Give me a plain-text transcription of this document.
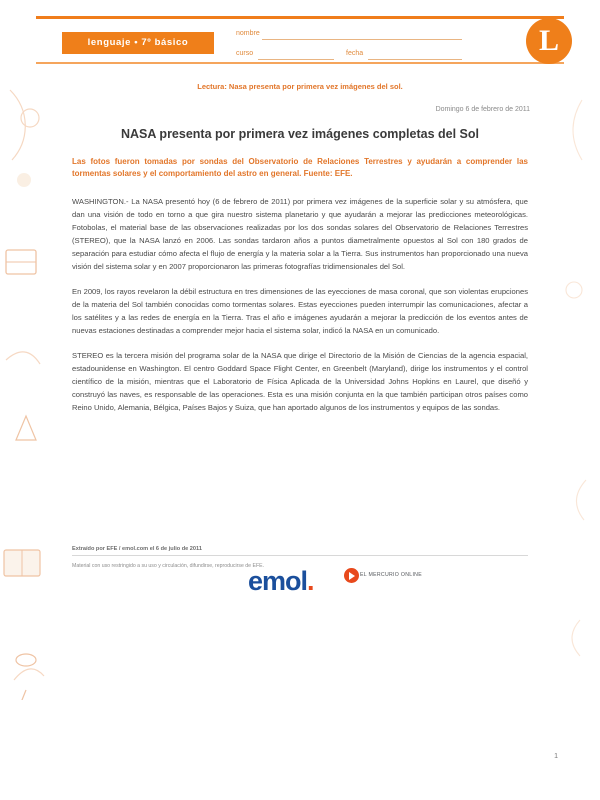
lenguaje • 7º básico
nombre
curso	fecha	L
Lectura: Nasa presenta por primera vez imágenes del sol.
Domingo 6 de febrero de 2011
NASA presenta por primera vez imágenes completas del Sol
Las fotos fueron tomadas por sondas del Observatorio de Relaciones Terrestres y ayudarán a comprender las tormentas solares y el comportamiento del astro en general. Fuente: EFE.
WASHINGTON.- La NASA presentó hoy (6 de febrero de 2011) por primera vez imágenes de la superficie solar y su atmósfera, que dan una visión de todo en torno a que gira nuestro sistema planetario y que ayudarán a mejorar las predicciones meteorológicas. Fotobolas, el material base de las observaciones realizadas por los dos sondas solares del Observatorio de Relaciones Terrestres (STEREO), que la NASA lanzó en 2006. Las sondas tardaron años a puntos diametralmente opuestos al Sol con 180 grados de separación para estudiar cómo afecta el flujo de energía y la materia solar a la Tierra. Sus instrumentos han proporcionado una nueva visión del sistema solar y en 2007 proporcionaron las primeras fotografías tridimensionales del Sol.
En 2009, los rayos revelaron la débil estructura en tres dimensiones de las eyecciones de masa coronal, que son violentas erupciones de la materia del Sol también conocidas como tormentas solares. Estas eyecciones pueden interrumpir las comunicaciones, afectar a los satélites y a las redes de energía en la Tierra. Tras el año e imágenes ayudarán a mejorar la predicción de los eventos antes de nuevas estaciones destinadas a comprender mejor hacia el sistema solar, indicó la NASA en un comunicado.
STEREO es la tercera misión del programa solar de la NASA que dirige el Directorio de la Misión de Ciencias de la agencia espacial, estadounidense en Washington. El centro Goddard Space Flight Center, en Greenbelt (Maryland), dirige los instrumentos y el control científico de la misión, mientras que el Laboratorio de Física Aplicada de la Universidad Johns Hopkins en Laurel, que diseñó y construyó las naves, es responsable de las operaciones. Esta es una misión conjunta en la que también participan otros países como Reino Unido, Alemania, Bélgica, Países Bajos y Suiza, que han aportado algunos de los instrumentos y equipos de las sondas.
Extraído por EFE / emol.com el 6 de julio de 2011
Material con uso restringido a su uso y circulación, difundirse, reproducirse de EFE.
emol.	EL MERCURIO ONLINE
1
